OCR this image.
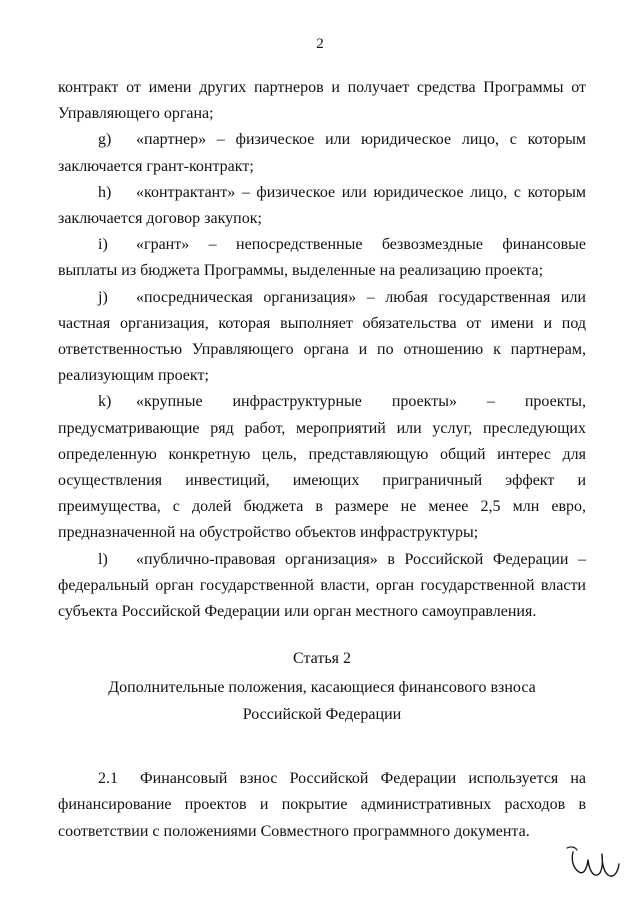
2

контракт от имени других партнеров и получает средства Программы от Управляющего органа;

g) «партнер» – физическое или юридическое лицо, с которым заключается грант-контракт;

h) «контрактант» – физическое или юридическое лицо, с которым заключается договор закупок;

i) «грант» – непосредственные безвозмездные финансовые выплаты из бюджета Программы, выделенные на реализацию проекта;

j) «посредническая организация» – любая государственная или частная организация, которая выполняет обязательства от имени и под ответственностью Управляющего органа и по отношению к партнерам, реализующим проект;

k) «крупные инфраструктурные проекты» – проекты, предусматривающие ряд работ, мероприятий или услуг, преследующих определенную конкретную цель, представляющую общий интерес для осуществления инвестиций, имеющих приграничный эффект и преимущества, с долей бюджета в размере не менее 2,5 млн евро, предназначенной на обустройство объектов инфраструктуры;

l) «публично-правовая организация» в Российской Федерации – федеральный орган государственной власти, орган государственной власти субъекта Российской Федерации или орган местного самоуправления.

Статья 2
Дополнительные положения, касающиеся финансового взноса
Российской Федерации

2.1 Финансовый взнос Российской Федерации используется на финансирование проектов и покрытие административных расходов в соответствии с положениями Совместного программного документа.
